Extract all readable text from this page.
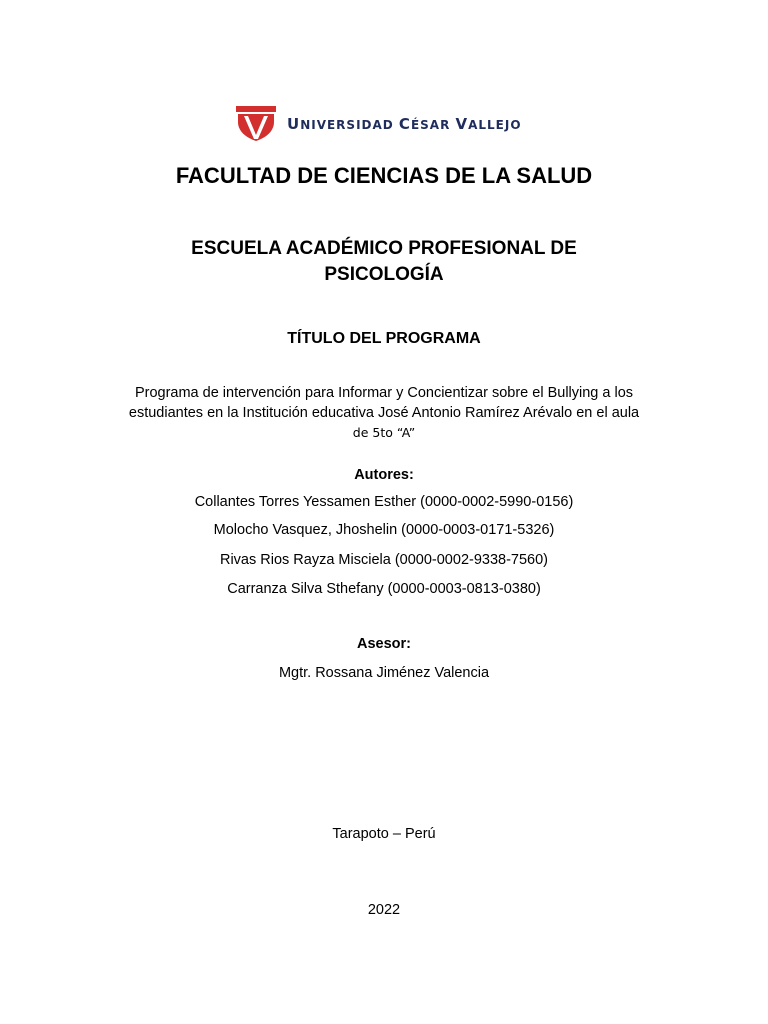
UNIVERSIDAD CÉSAR VALLEJO
FACULTAD DE CIENCIAS DE LA SALUD
ESCUELA ACADÉMICO PROFESIONAL DE
PSICOLOGÍA
TÍTULO DEL PROGRAMA
Programa de intervención para Informar y Concientizar sobre el Bullying a los
estudiantes en la Institución educativa José Antonio Ramírez Arévalo en el aula
de 5to “A”
Autores:
Collantes Torres Yessamen Esther (0000-0002-5990-0156)
Molocho Vasquez, Jhoshelin (0000-0003-0171-5326)
Rivas Rios Rayza Misciela (0000-0002-9338-7560)
Carranza Silva Sthefany (0000-0003-0813-0380)
Asesor:
Mgtr. Rossana Jiménez Valencia
Tarapoto – Perú
2022
